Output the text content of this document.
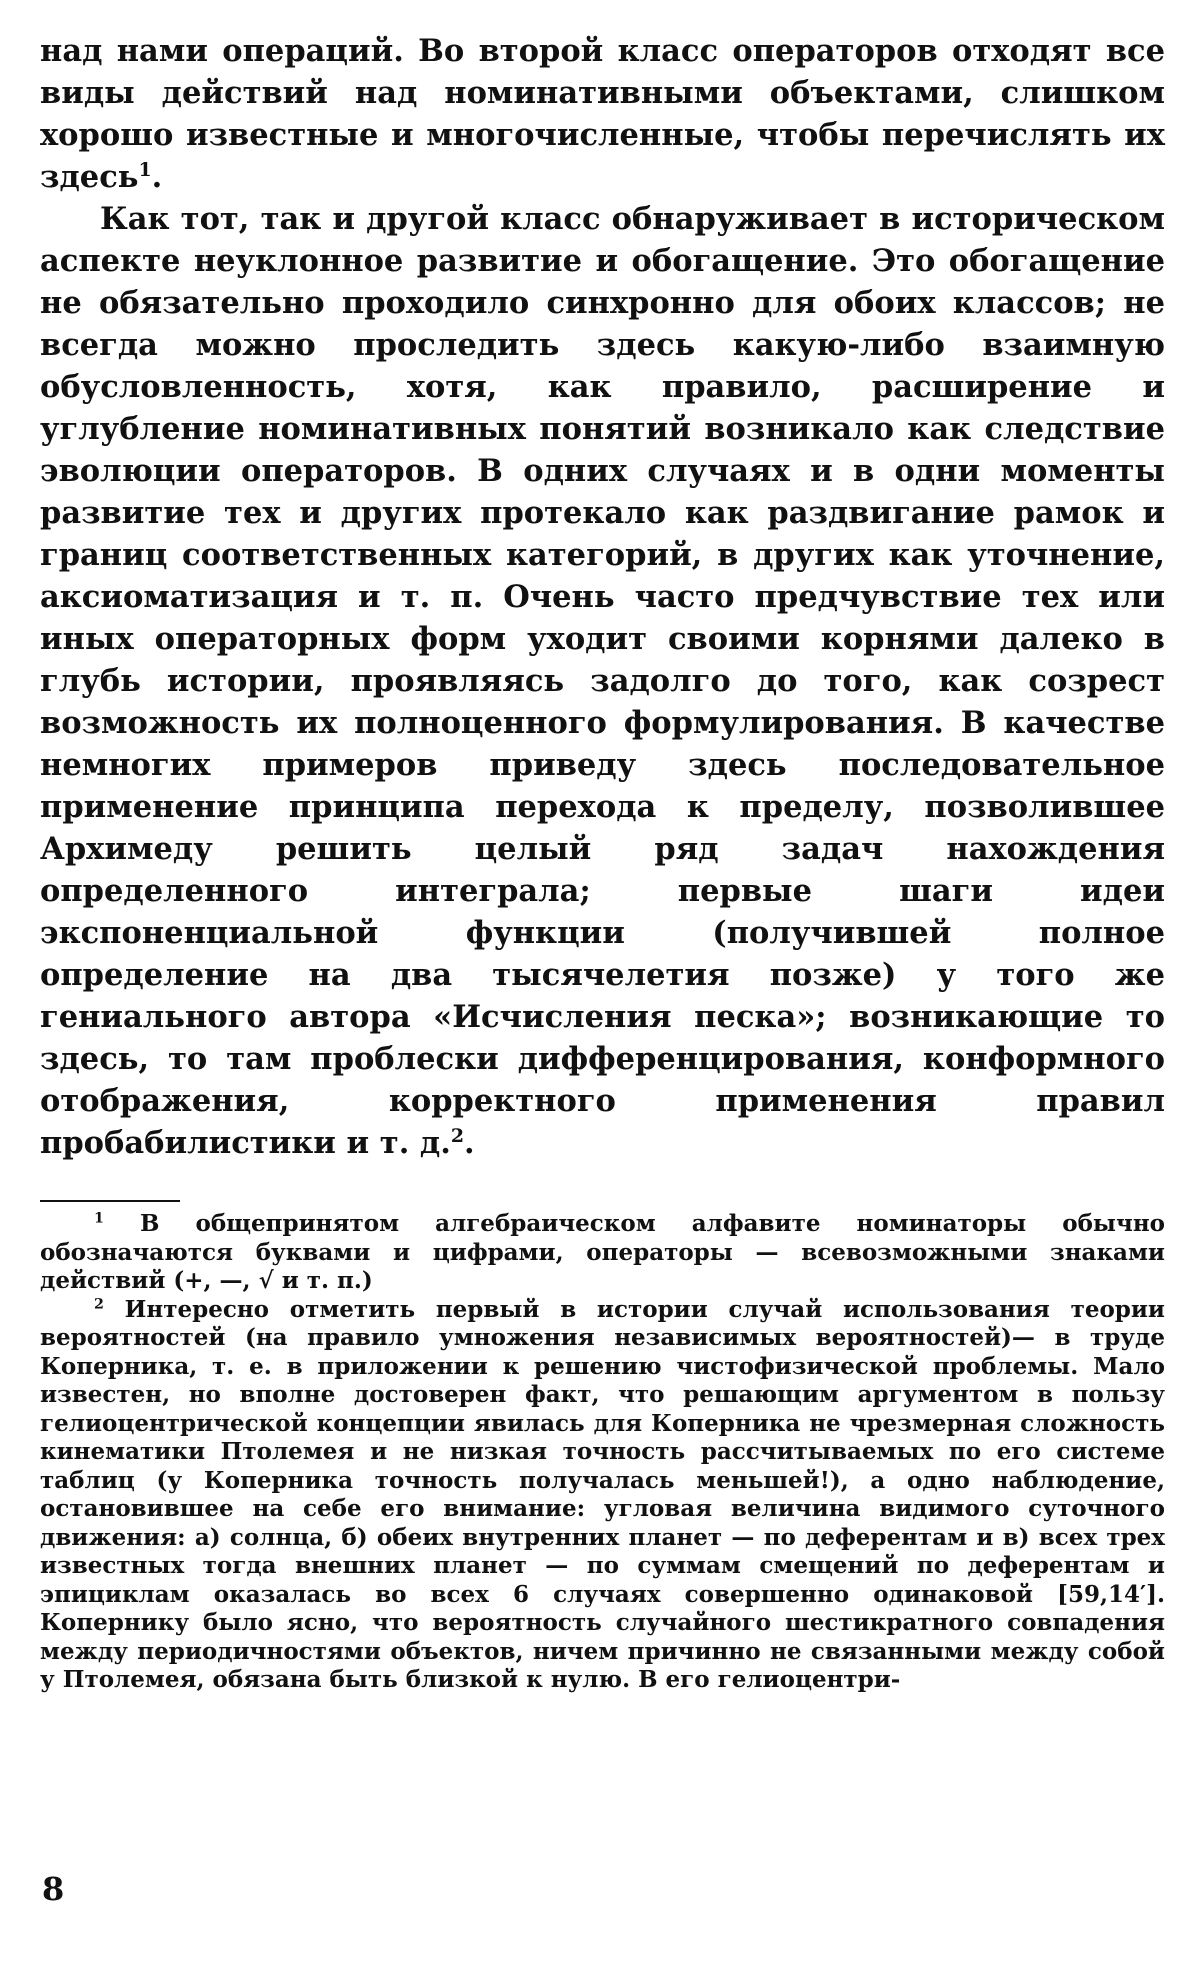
над нами операций. Во второй класс операторов отходят все виды действий над номинативными объектами, слишком хорошо известные и многочисленные, чтобы перечислять их здесь$^1$.

Как тот, так и другой класс обнаруживает в историческом аспекте неуклонное развитие и обогащение. Это обогащение не обязательно проходило синхронно для обоих классов; не всегда можно проследить здесь какую-либо взаимную обусловленность, хотя, как правило, расширение и углубление номинативных понятий возникало как следствие эволюции операторов. В одних случаях и в одни моменты развитие тех и других протекало как раздвигание рамок и границ соответственных категорий, в других как уточнение, аксиоматизация и т. п. Очень часто предчувствие тех или иных операторных форм уходит своими корнями далеко в глубь истории, проявляясь задолго до того, как созрест возможность их полноценного формулирования. В качестве немногих примеров приведу здесь последовательное применение принципа перехода к пределу, позволившее Архимеду решить целый ряд задач нахождения определенного интеграла; первые шаги идеи экспоненциальной функции (получившей полное определение на два тысячелетия позже) у того же гениального автора «Исчисления песка»; возникающие то здесь, то там проблески дифференцирования, конформного отображения, корректного применения правил пробабилистики и т. д.$^2$.

$^1$ В общепринятом алгебраическом алфавите номинаторы обычно обозначаются буквами и цифрами, операторы — всевозможными знаками действий (+, —, √ и т. п.)

$^2$ Интересно отметить первый в истории случай использования теории вероятностей (на правило умножения независимых вероятностей)— в труде Коперника, т. е. в приложении к решению чистофизической проблемы. Мало известен, но вполне достоверен факт, что решающим аргументом в пользу гелиоцентрической концепции явилась для Коперника не чрезмерная сложность кинематики Птолемея и не низкая точность рассчитываемых по его системе таблиц (у Коперника точность получалась меньшей!), а одно наблюдение, остановившее на себе его внимание: угловая величина видимого суточного движения: а) солнца, б) обеих внутренних планет — по деферентам и в) всех трех известных тогда внешних планет — по суммам смещений по деферентам и эпициклам оказалась во всех 6 случаях совершенно одинаковой [59,14′]. Копернику было ясно, что вероятность случайного шестикратного совпадения между периодичностями объектов, ничем причинно не связанными между собой у Птолемея, обязана быть близкой к нулю. В его гелиоцентри-

8
